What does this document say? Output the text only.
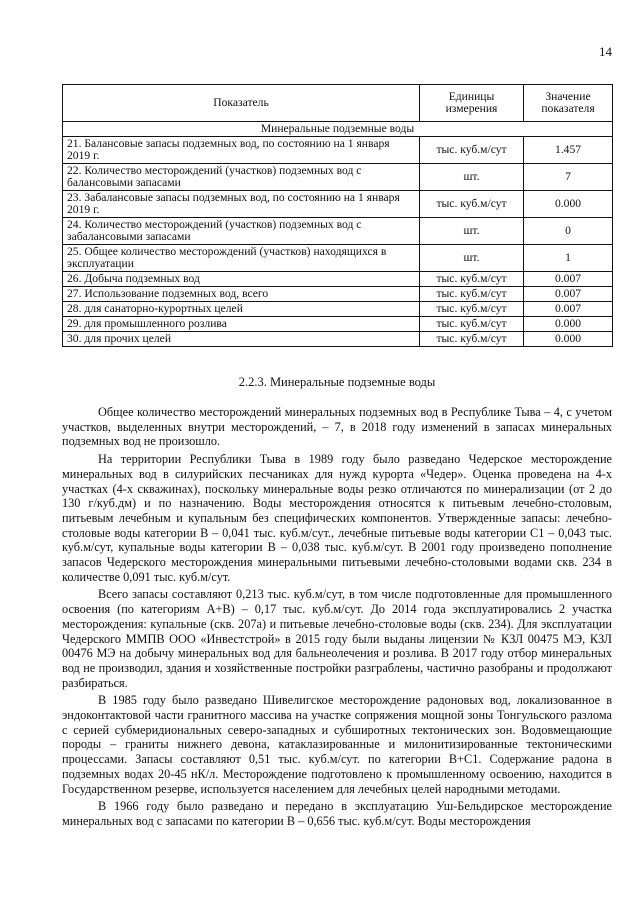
14
Показатель	Единицы измерения	Значение показателя
Минеральные подземные воды		
21. Балансовые запасы подземных вод, по состоянию на 1 января 2019 г.	тыс. куб.м/сут	1.457
22. Количество месторождений (участков) подземных вод с балансовыми запасами	шт.	7
23. Забалансовые запасы подземных вод, по состоянию на 1 января 2019 г.	тыс. куб.м/сут	0.000
24. Количество месторождений (участков) подземных вод с забалансовыми запасами	шт.	0
25. Общее количество месторождений (участков) находящихся в эксплуатации	шт.	1
26. Добыча подземных вод	тыс. куб.м/сут	0.007
27. Использование подземных вод, всего	тыс. куб.м/сут	0.007
28. для санаторно-курортных целей	тыс. куб.м/сут	0.007
29. для промышленного розлива	тыс. куб.м/сут	0.000
30. для прочих целей	тыс. куб.м/сут	0.000
2.2.3. Минеральные подземные воды

Общее количество месторождений минеральных подземных вод в Республике Тыва – 4, с учетом участков, выделенных внутри месторождений, – 7, в 2018 году изменений в запасах минеральных подземных вод не произошло.

На территории Республики Тыва в 1989 году было разведано Чедерское месторождение минеральных вод в силурийских песчаниках для нужд курорта «Чедер». Оценка проведена на 4-х участках (4-х скважинах), поскольку минеральные воды резко отличаются по минерализации (от 2 до 130 г/куб.дм) и по назначению. Воды месторождения относятся к питьевым лечебно-столовым, питьевым лечебным и купальным без специфических компонентов. Утвержденные запасы: лечебно-столовые воды категории В – 0,041 тыс. куб.м/сут., лечебные питьевые воды категории С1 – 0,043 тыс. куб.м/сут, купальные воды категории В – 0,038 тыс. куб.м/сут. В 2001 году произведено пополнение запасов Чедерского месторождения минеральными питьевыми лечебно-столовыми водами скв. 234 в количестве 0,091 тыс. куб.м/сут.

Всего запасы составляют 0,213 тыс. куб.м/сут, в том числе подготовленные для промышленного освоения (по категориям А+В) – 0,17 тыс. куб.м/сут. До 2014 года эксплуатировались 2 участка месторождения: купальные (скв. 207а) и питьевые лечебно-столовые воды (скв. 234). Для эксплуатации Чедерского ММПВ ООО «Инвестстрой» в 2015 году были выданы лицензии № КЗЛ 00475 МЭ, КЗЛ 00476 МЭ на добычу минеральных вод для бальнеолечения и розлива. В 2017 году отбор минеральных вод не производил, здания и хозяйственные постройки разграблены, частично разобраны и продолжают разбираться.

В 1985 году было разведано Шивелигское месторождение радоновых вод, локализованное в эндоконтактовой части гранитного массива на участке сопряжения мощной зоны Тонгульского разлома с серией субмеридиональных северо-западных и субширотных тектонических зон. Водовмещающие породы – граниты нижнего девона, катаклазированные и милонитизированные тектоническими процессами. Запасы составляют 0,51 тыс. куб.м/сут. по категории В+С1. Содержание радона в подземных водах 20-45 нК/л. Месторождение подготовлено к промышленному освоению, находится в Государственном резерве, используется населением для лечебных целей народными методами.

В 1966 году было разведано и передано в эксплуатацию Уш-Бельдирское месторождение минеральных вод с запасами по категории В – 0,656 тыс. куб.м/сут. Воды месторождения
